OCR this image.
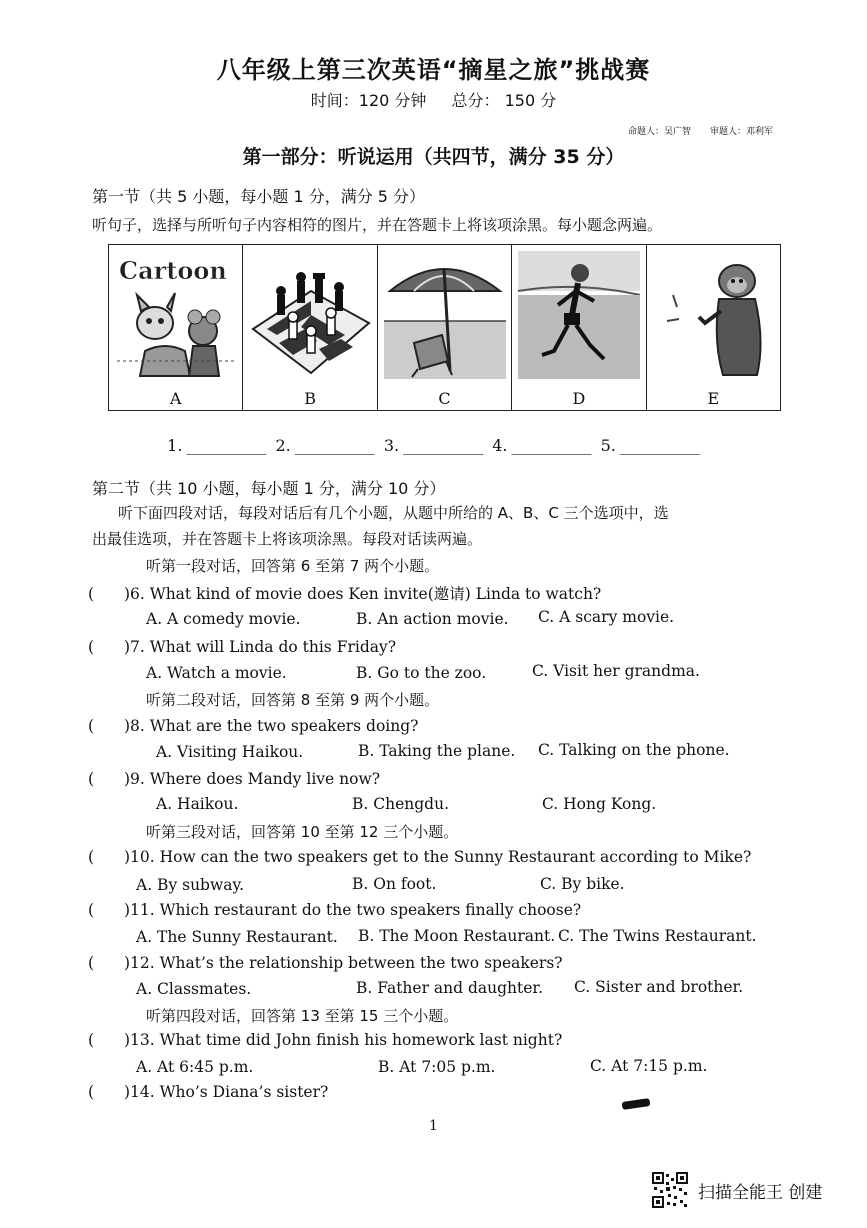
八年级上第三次英语“摘星之旅”挑战赛
时间：120 分钟 总分： 150 分
命题人：吴广智 审题人：邓利军
第一部分：听说运用（共四节，满分 35 分）
第一节（共 5 小题，每小题 1 分，满分 5 分）
听句子，选择与所听句子内容相符的图片，并在答题卡上将该项涂黑。每小题念两遍。
Cartoon
A	B	C	D	E
1. __________ 2. __________ 3. __________ 4. __________ 5. __________
第二节（共 10 小题，每小题 1 分，满分 10 分）
听下面四段对话，每段对话后有几个小题，从题中所给的 A、B、C 三个选项中，选
出最佳选项，并在答题卡上将该项涂黑。每段对话读两遍。
听第一段对话，回答第 6 至第 7 两个小题。
( )6. What kind of movie does Ken invite(邀请) Linda to watch?
A. A comedy movie.	B. An action movie. C. A scary movie.
( )7. What will Linda do this Friday?
A. Watch a movie.	B. Go to the zoo.	C. Visit her grandma.
听第二段对话，回答第 8 至第 9 两个小题。
( )8. What are the two speakers doing?
A. Visiting Haikou.	B. Taking the plane. C. Talking on the phone.
( )9. Where does Mandy live now?
A. Haikou.	B. Chengdu.	C. Hong Kong.
听第三段对话，回答第 10 至第 12 三个小题。
( )10. How can the two speakers get to the Sunny Restaurant according to Mike?
A. By subway.	B. On foot.	C. By bike.
( )11. Which restaurant do the two speakers finally choose?
A. The Sunny Restaurant. B. The Moon Restaurant. C. The Twins Restaurant.
( )12. What’s the relationship between the two speakers?
A. Classmates.	B. Father and daughter. C. Sister and brother.
听第四段对话，回答第 13 至第 15 三个小题。
( )13. What time did John finish his homework last night?
A. At 6:45 p.m.	B. At 7:05 p.m.	C. At 7:15 p.m.
( )14. Who’s Diana’s sister?
1
扫描全能王 创建
